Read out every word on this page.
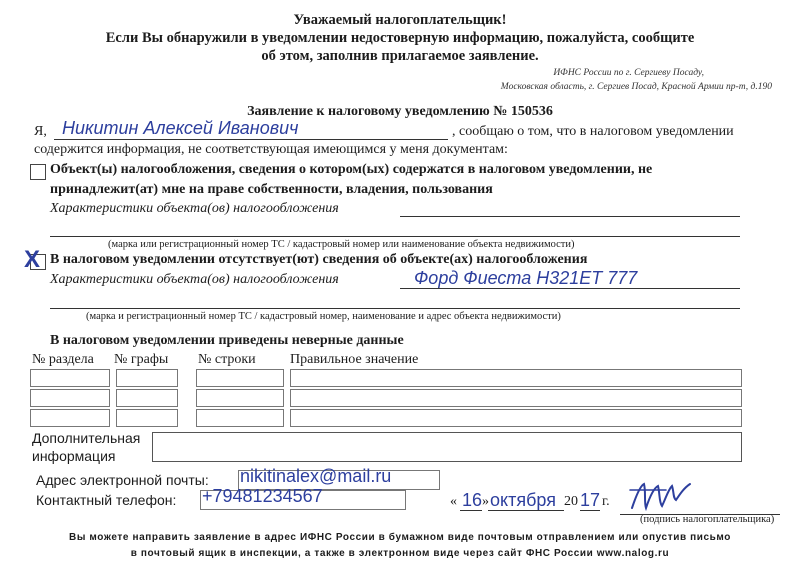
Уважаемый налогоплательщик!
Если Вы обнаружили в уведомлении недостоверную информацию, пожалуйста, сообщите
об этом, заполнив прилагаемое заявление.
ИФНС России по г. Сергиеву Посаду,
Московская область, г. Сергиев Посад, Красной Армии пр-т, д.190
Заявление к налоговому уведомлению № 150536
Я, Никитин Алексей Иванович	, сообщаю о том, что в налоговом уведомлении
содержится информация, не соответствующая имеющимся у меня документам:
Объект(ы) налогообложения, сведения о котором(ых) содержатся в налоговом уведомлении, не
принадлежит(ат) мне на праве собственности, владения, пользования
Характеристики объекта(ов) налогообложения
(марка или регистрационный номер ТС / кадастровый номер или наименование объекта недвижимости)
X В налоговом уведомлении отсутствует(ют) сведения об объекте(ах) налогообложения
Характеристики объекта(ов) налогообложения	Форд Фиеста Н321ЕТ 777
(марка и регистрационный номер ТС / кадастровый номер, наименование и адрес объекта недвижимости)
В налоговом уведомлении приведены неверные данные
№ раздела № графы № строки Правильное значение
Дополнительная
информация
Адрес электронной почты: nikitinalex@mail.ru
Контактный телефон: +79481234567	« 16 » октября 20 17 г.
(подпись налогоплательщика)
Вы можете направить заявление в адрес ИФНС России в бумажном виде почтовым отправлением или опустив письмо
в почтовый ящик в инспекции, а также в электронном виде через сайт ФНС России www.nalog.ru
